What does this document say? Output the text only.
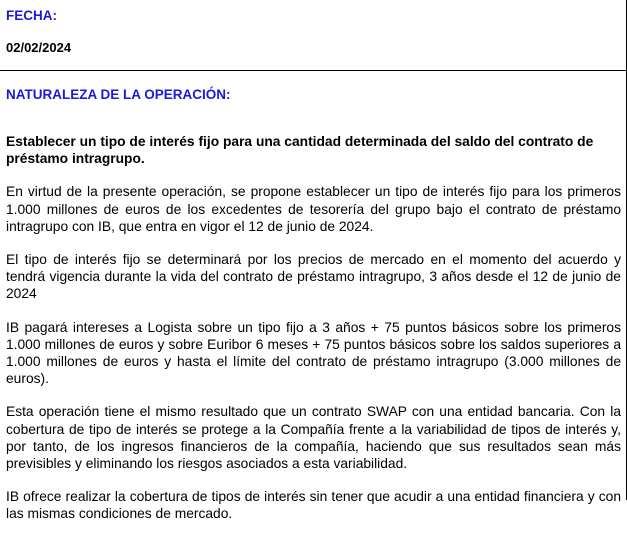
FECHA:

02/02/2024

NATURALEZA DE LA OPERACIÓN:

Establecer un tipo de interés fijo para una cantidad determinada del saldo del contrato de préstamo intragrupo.

En virtud de la presente operación, se propone establecer un tipo de interés fijo para los primeros 1.000 millones de euros de los excedentes de tesorería del grupo bajo el contrato de préstamo intragrupo con IB, que entra en vigor el 12 de junio de 2024.

El tipo de interés fijo se determinará por los precios de mercado en el momento del acuerdo y tendrá vigencia durante la vida del contrato de préstamo intragrupo, 3 años desde el 12 de junio de 2024

IB pagará intereses a Logista sobre un tipo fijo a 3 años + 75 puntos básicos sobre los primeros 1.000 millones de euros y sobre Euribor 6 meses + 75 puntos básicos sobre los saldos superiores a 1.000 millones de euros y hasta el límite del contrato de préstamo intragrupo (3.000 millones de euros).

Esta operación tiene el mismo resultado que un contrato SWAP con una entidad bancaria. Con la cobertura de tipo de interés se protege a la Compañía frente a la variabilidad de tipos de interés y, por tanto, de los ingresos financieros de la compañía, haciendo que sus resultados sean más previsibles y eliminando los riesgos asociados a esta variabilidad.

IB ofrece realizar la cobertura de tipos de interés sin tener que acudir a una entidad financiera y con las mismas condiciones de mercado.
